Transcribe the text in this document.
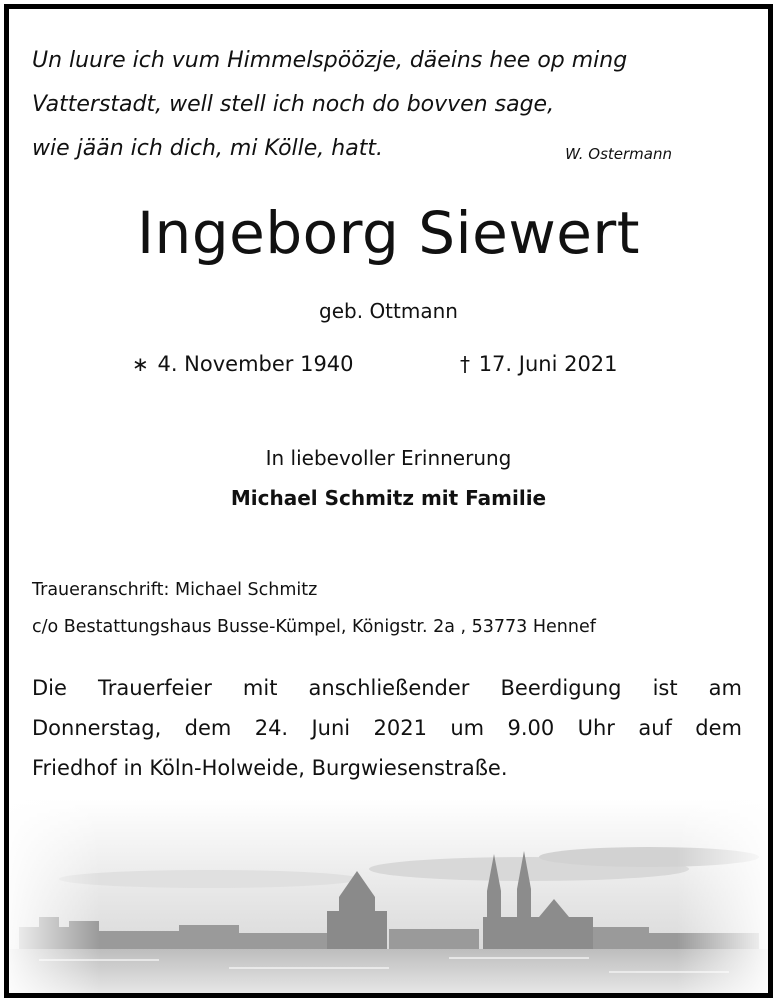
Un luure ich vum Himmelspöözje, däeins hee op ming
Vatterstadt, well stell ich noch do bovven sage,
wie jään ich dich, mi Kölle, hatt.	W. Ostermann
Ingeborg Siewert
geb. Ottmann
∗ 4. November 1940	† 17. Juni 2021
In liebevoller Erinnerung
Michael Schmitz mit Familie
Traueranschrift: Michael Schmitz
c/o Bestattungshaus Busse-Kümpel, Königstr. 2a , 53773 Hennef
Die Trauerfeier mit anschließender Beerdigung ist am
Donnerstag, dem 24. Juni 2021 um 9.00 Uhr auf dem
Friedhof in Köln-Holweide, Burgwiesenstraße.
